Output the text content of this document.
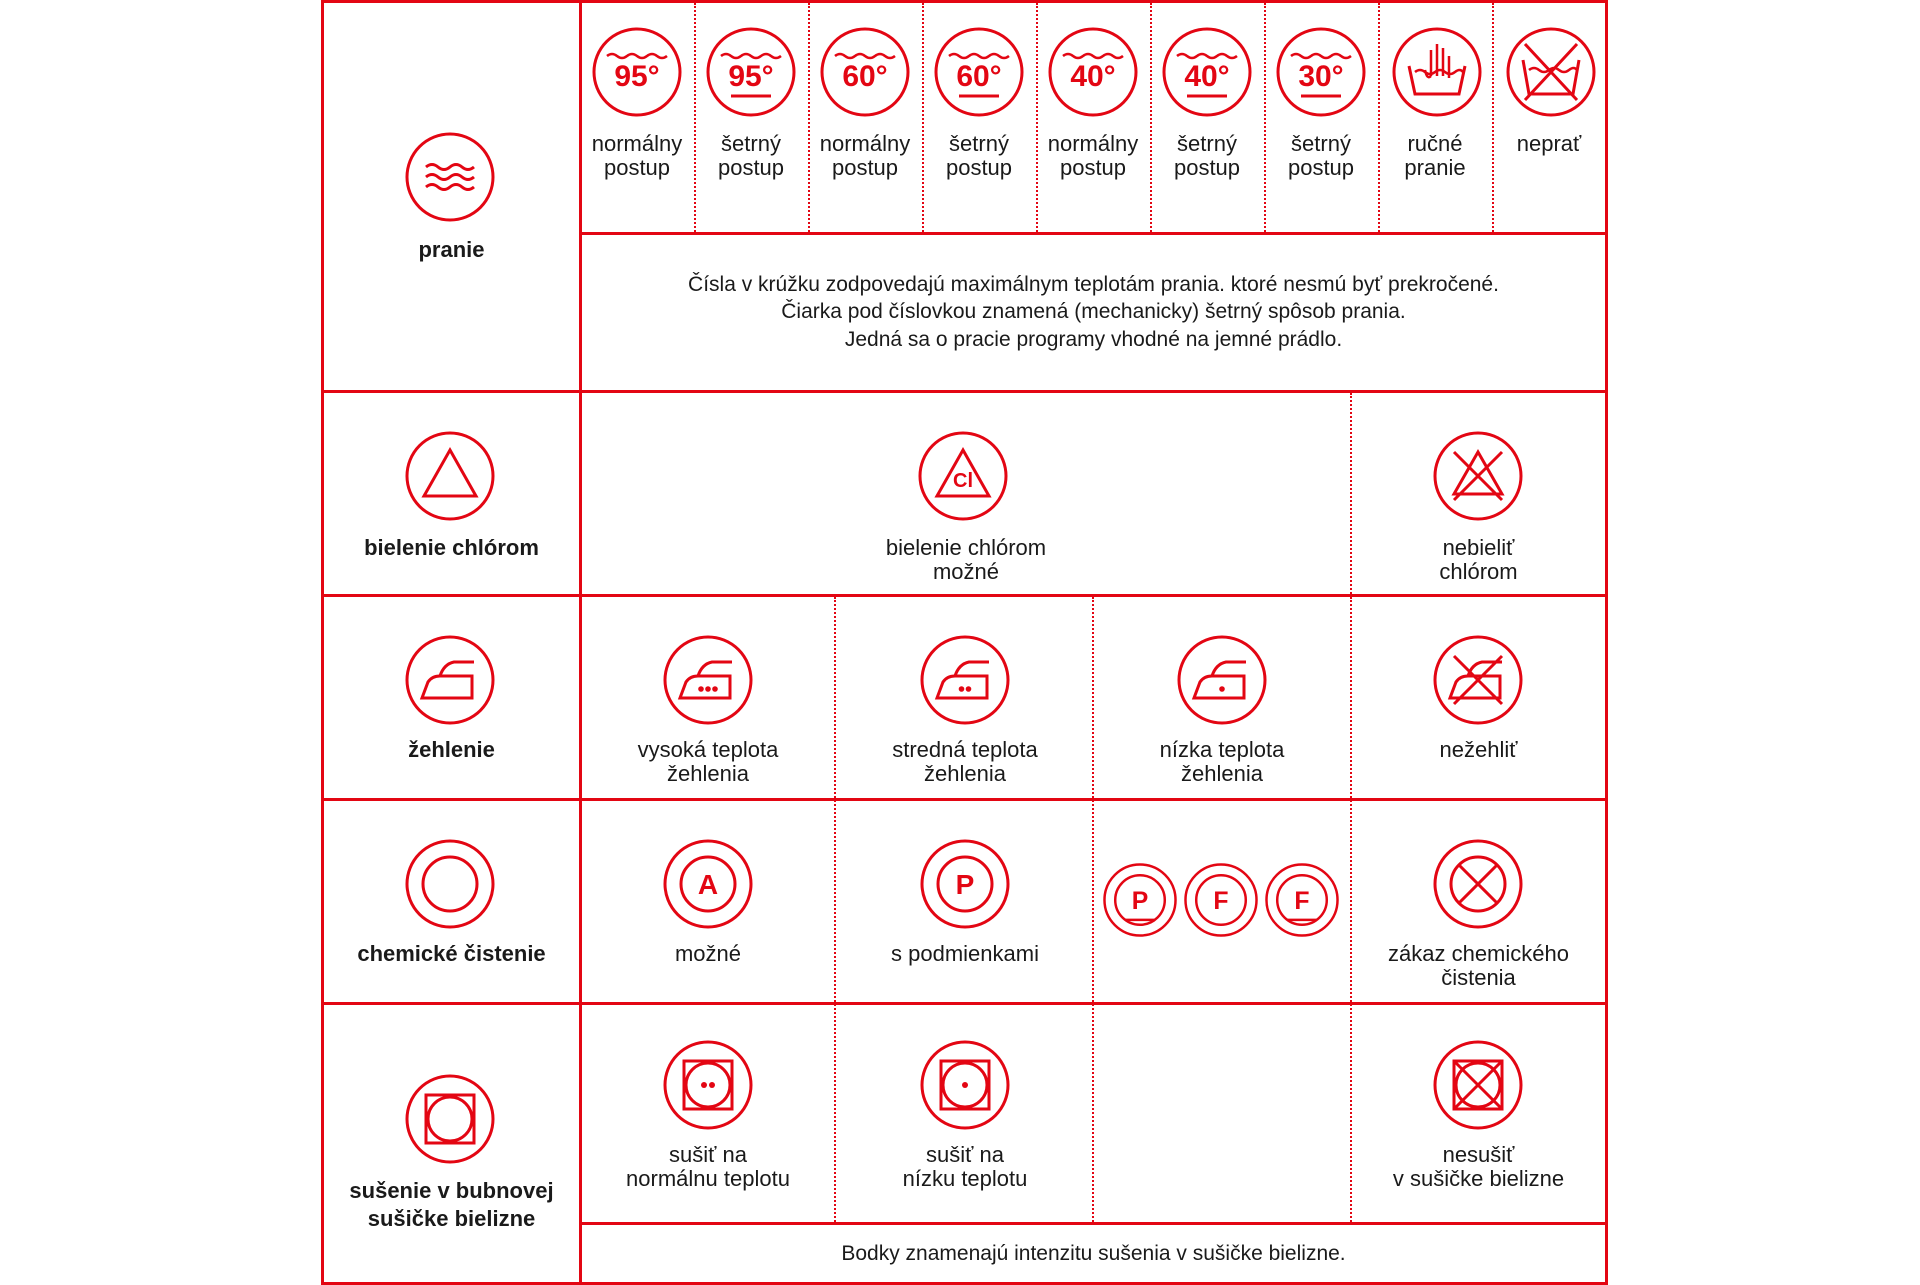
pranie
95°
normálny
postup
95°
šetrný
postup
60°
normálny
postup
60°
šetrný
postup
40°
normálny
postup
40°
šetrný
postup
30°
šetrný
postup
ručné
pranie
neprať
Čísla v krúžku zodpovedajú maximálnym teplotám prania. ktoré nesmú byť prekročené.
Čiarka pod číslovkou znamená (mechanicky) šetrný spôsob prania.
Jedná sa o pracie programy vhodné na jemné prádlo.
bielenie chlórom
Cl
bielenie chlórom
možné
nebieliť
chlórom
žehlenie	vysoká teplota
žehlenia
stredná teplota
žehlenia
nízka teplota
žehlenia
nežehliť
chemické čistenie
A
možné
P
s podmienkami
P F F
zákaz chemického
čistenia
sušenie v bubnovej
sušičke bielizne
sušiť na
normálnu teplotu
sušiť na
nízku teplotu
nesušiť
v sušičke bielizne
Bodky znamenajú intenzitu sušenia v sušičke bielizne.
